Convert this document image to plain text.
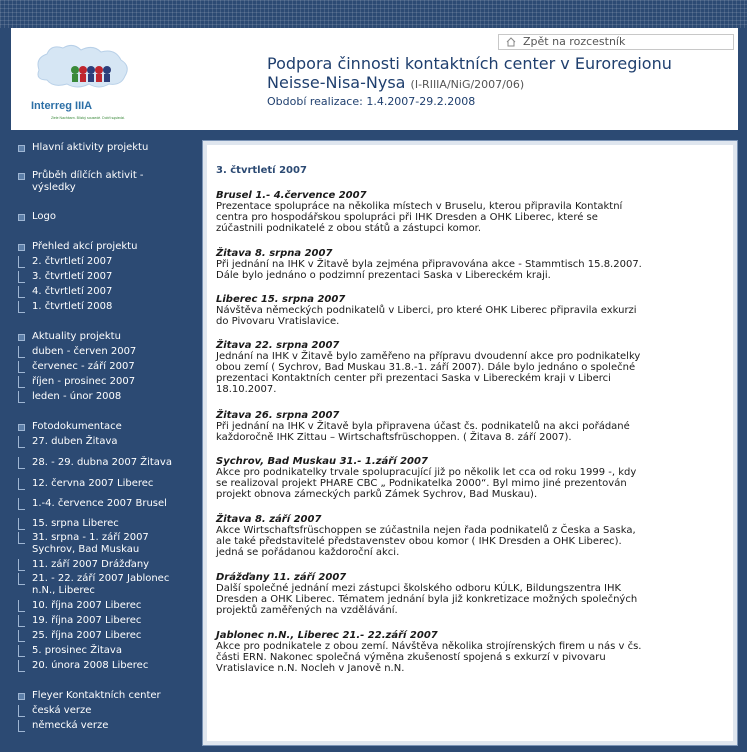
Interreg IIIA
Ziele Nachbarn. Blízký sousedé. Dobři sąsiedzi.
Zpět na rozcestník
Podpora činnosti kontaktních center v Euroregionu
Neisse-Nisa-Nysa (I-RIIIA/NiG/2007/06)
Období realizace: 1.4.2007-29.2.2008
Hlavní aktivity projektu
Průběh dílčích aktivit - výsledky
Logo
Přehled akcí projektu
2. čtvrtletí 2007
3. čtvrtletí 2007
4. čtvrtletí 2007
1. čtvrtletí 2008
Aktuality projektu
duben - červen 2007
červenec - září 2007
říjen - prosinec 2007
leden - únor 2008
Fotodokumentace
27. duben Žitava
28. - 29. dubna 2007 Žitava
12. června 2007 Liberec
1.-4. července 2007 Brusel
15. srpna Liberec
31. srpna - 1. září 2007 Sychrov, Bad Muskau
11. září 2007 Drážďany
21. - 22. září 2007 Jablonec n.N., Liberec
10. října 2007 Liberec
19. října 2007 Liberec
25. října 2007 Liberec
5. prosinec Žitava
20. února 2008 Liberec
Fleyer Kontaktních center
česká verze
německá verze
3. čtvrtletí 2007
Brusel 1.- 4.července 2007

Prezentace spolupráce na několika místech v Bruselu, kterou připravila Kontaktní

centra pro hospodářskou spolupráci při IHK Dresden a OHK Liberec, které se

zúčastnili podnikatelé z obou států a zástupci komor.

Žitava 8. srpna 2007

Při jednání na IHK v Žitavě byla zejména připravována akce - Stammtisch 15.8.2007.

Dále bylo jednáno o podzimní prezentaci Saska v Libereckém kraji.

Liberec 15. srpna 2007

Návštěva německých podnikatelů v Liberci, pro které OHK Liberec připravila exkurzi

do Pivovaru Vratislavice.

Žitava 22. srpna 2007

Jednání na IHK v Žitavě bylo zaměřeno na přípravu dvoudenní akce pro podnikatelky

obou zemí ( Sychrov, Bad Muskau 31.8.-1. září 2007). Dále bylo jednáno o společné

prezentaci Kontaktních center při prezentaci Saska v Libereckém kraji v Liberci

18.10.2007.

Žitava 26. srpna 2007

Při jednání na IHK v Žitavě byla připravena účast čs. podnikatelů na akci pořádané

každoročně IHK Zittau – Wirtschaftsfrüschoppen. ( Žitava 8. září 2007).

Sychrov, Bad Muskau 31.- 1.září 2007

Akce pro podnikatelky trvale spolupracující již po několik let cca od roku 1999 -, kdy

se realizoval projekt PHARE CBC „ Podnikatelka 2000“. Byl mimo jiné prezentován

projekt obnova zámeckých parků Zámek Sychrov, Bad Muskau).

Žitava 8. září 2007

Akce Wirtschaftsfrüschoppen se zúčastnila nejen řada podnikatelů z Česka a Saska,

ale také představitelé představenstev obou komor ( IHK Dresden a OHK Liberec).

jedná se pořádanou každoroční akci.

Drážďany 11. září 2007

Další společné jednání mezi zástupci školského odboru KÚLK, Bildungszentra IHK

Dresden a OHK Liberec. Tématem jednání byla již konkretizace možných společných

projektů zaměřených na vzdělávání.

Jablonec n.N., Liberec 21.- 22.září 2007

Akce pro podnikatele z obou zemí. Návštěva několika strojírenských firem u nás v čs.

části ERN. Nakonec společná výměna zkušeností spojená s exkurzí v pivovaru

Vratislavice n.N. Nocleh v Janově n.N.
